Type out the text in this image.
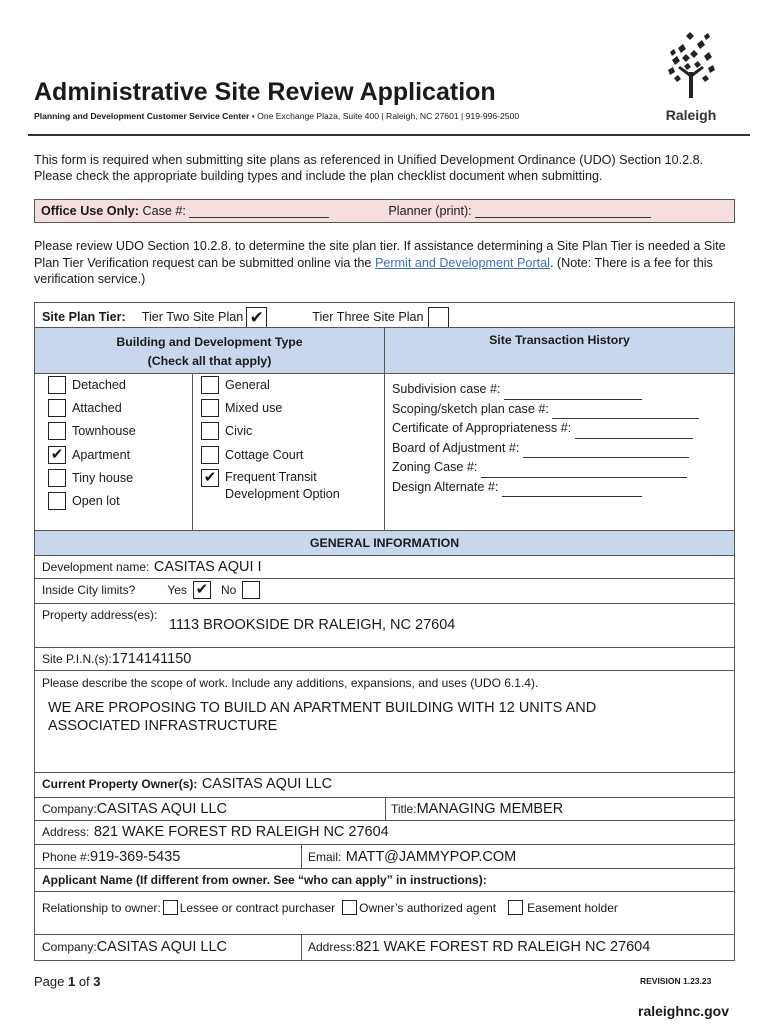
Administrative Site Review Application
Planning and Development Customer Service Center • One Exchange Plaza, Suite 400 | Raleigh, NC 27601 | 919-996-2500	Raleigh
This form is required when submitting site plans as referenced in Unified Development Ordinance (UDO) Section 10.2.8. Please check the appropriate building types and include the plan checklist document when submitting.
Office Use Only: Case #:	Planner (print):
Please review UDO Section 10.2.8. to determine the site plan tier. If assistance determining a Site Plan Tier is needed a Site Plan Tier Verification request can be submitted online via the Permit and Development Portal. (Note: There is a fee for this verification service.)
Site Plan Tier: Tier Two Site Plan ✔	Tier Three Site Plan
Building and Development Type
(Check all that apply)
Site Transaction History
Detached
Attached
Townhouse
✔ Apartment
Tiny house
Open lot
General
Mixed use
Civic
Cottage Court
✔ Frequent Transit
Development Option
Subdivision case #:
Scoping/sketch plan case #:
Certificate of Appropriateness #:
Board of Adjustment #:
Zoning Case #:
Design Alternate #:
GENERAL INFORMATION
Development name: CASITAS AQUI I
Inside City limits?	Yes ✔ No
Property address(es):
1113 BROOKSIDE DR RALEIGH, NC 27604
Site P.I.N.(s):1714141150
Please describe the scope of work. Include any additions, expansions, and uses (UDO 6.1.4).
WE ARE PROPOSING TO BUILD AN APARTMENT BUILDING WITH 12 UNITS AND ASSOCIATED INFRASTRUCTURE
Current Property Owner(s): CASITAS AQUI LLC
Company:CASITAS AQUI LLC	Title:MANAGING MEMBER
Address: 821 WAKE FOREST RD RALEIGH NC 27604
Phone #:919-369-5435	Email: MATT@JAMMYPOP.COM
Applicant Name (If different from owner. See “who can apply” in instructions):
Relationship to owner: Lessee or contract purchaser Owner’s authorized agent	Easement holder
Company:CASITAS AQUI LLC	Address:821 WAKE FOREST RD RALEIGH NC 27604
Page 1 of 3	REVISION 1.23.23
raleighnc.gov
